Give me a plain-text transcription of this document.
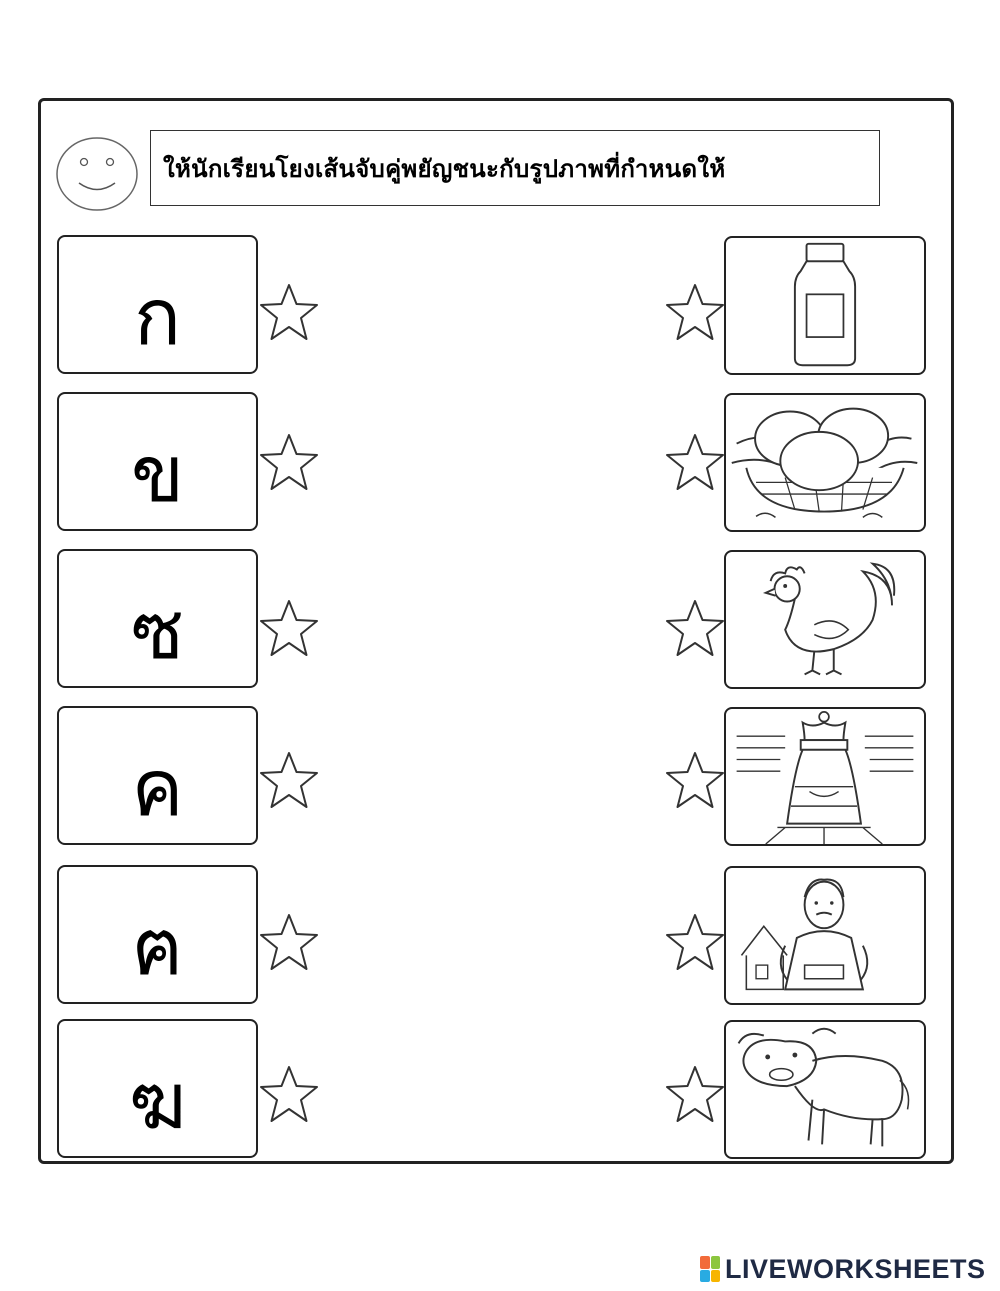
ให้นักเรียนโยงเส้นจับคู่พยัญชนะกับรูปภาพที่กำหนดให้
ก
ข
ซ
ค
ฅ
ฆ
LIVEWORKSHEETS
